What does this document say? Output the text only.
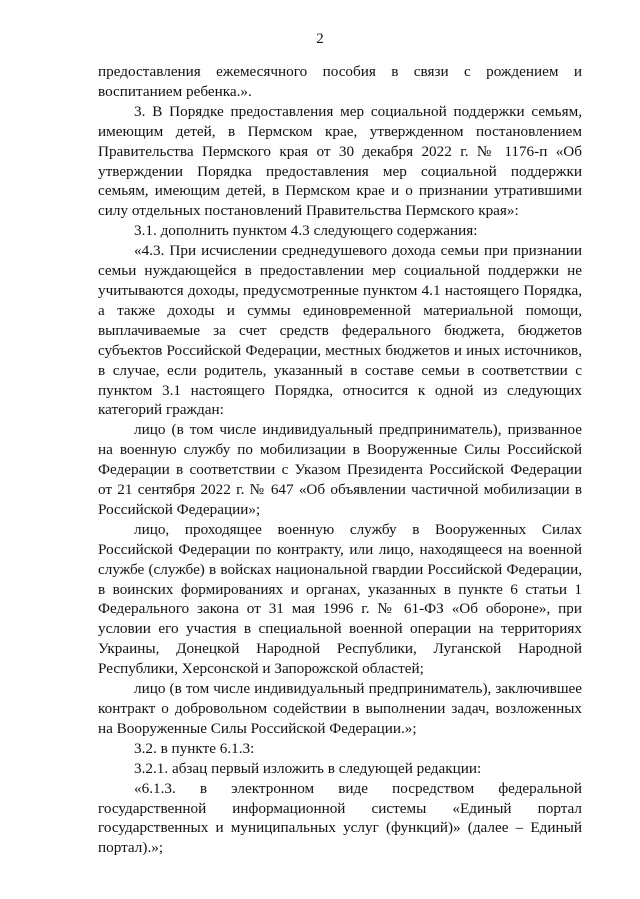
2

предоставления ежемесячного пособия в связи с рождением и воспитанием ребенка.».

3. В Порядке предоставления мер социальной поддержки семьям, имеющим детей, в Пермском крае, утвержденном постановлением Правительства Пермского края от 30 декабря 2022 г. № 1176-п «Об утверждении Порядка предоставления мер социальной поддержки семьям, имеющим детей, в Пермском крае и о признании утратившими силу отдельных постановлений Правительства Пермского края»:

3.1. дополнить пунктом 4.3 следующего содержания:

«4.3. При исчислении среднедушевого дохода семьи при признании семьи нуждающейся в предоставлении мер социальной поддержки не учитываются доходы, предусмотренные пунктом 4.1 настоящего Порядка, а также доходы и суммы единовременной материальной помощи, выплачиваемые за счет средств федерального бюджета, бюджетов субъектов Российской Федерации, местных бюджетов и иных источников, в случае, если родитель, указанный в составе семьи в соответствии с пунктом 3.1 настоящего Порядка, относится к одной из следующих категорий граждан:

лицо (в том числе индивидуальный предприниматель), призванное на военную службу по мобилизации в Вооруженные Силы Российской Федерации в соответствии с Указом Президента Российской Федерации от 21 сентября 2022 г. № 647 «Об объявлении частичной мобилизации в Российской Федерации»;

лицо, проходящее военную службу в Вооруженных Силах Российской Федерации по контракту, или лицо, находящееся на военной службе (службе) в войсках национальной гвардии Российской Федерации, в воинских формированиях и органах, указанных в пункте 6 статьи 1 Федерального закона от 31 мая 1996 г. № 61-ФЗ «Об обороне», при условии его участия в специальной военной операции на территориях Украины, Донецкой Народной Республики, Луганской Народной Республики, Херсонской и Запорожской областей;

лицо (в том числе индивидуальный предприниматель), заключившее контракт о добровольном содействии в выполнении задач, возложенных на Вооруженные Силы Российской Федерации.»;

3.2. в пункте 6.1.3:

3.2.1. абзац первый изложить в следующей редакции:

«6.1.3. в электронном виде посредством федеральной государственной информационной системы «Единый портал государственных и муниципальных услуг (функций)» (далее – Единый портал).»;
